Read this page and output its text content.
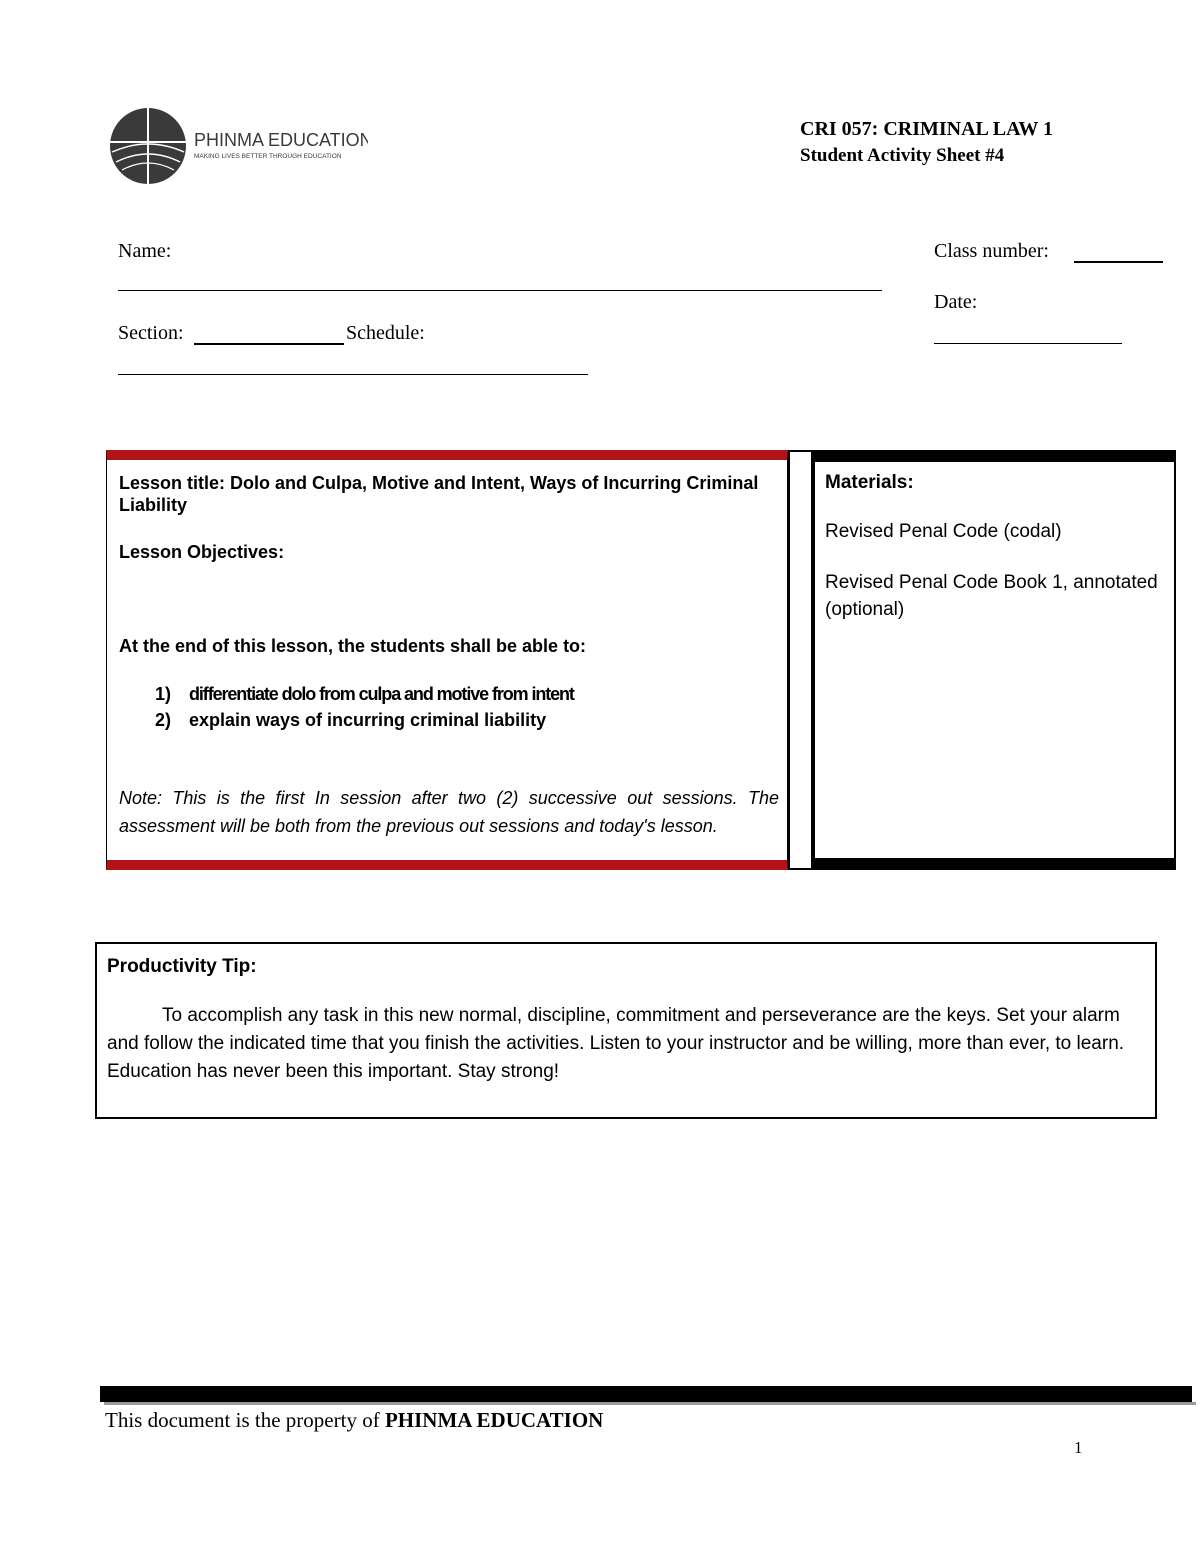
PHINMA EDUCATION
MAKING LIVES BETTER THROUGH EDUCATION
CRI 057: CRIMINAL LAW 1
Student Activity Sheet #4
Name:
Section:	Schedule:
Class number:
Date:

Lesson title: Dolo and Culpa, Motive and Intent, Ways of Incurring Criminal Liability

Lesson Objectives:
At the end of this lesson, the students shall be able to:
1) differentiate dolo from culpa and motive from intent
2) explain ways of incurring criminal liability
Note: This is the first In session after two (2) successive out sessions. The assessment will be both from the previous out sessions and today's lesson.
Materials:
Revised Penal Code (codal)
Revised Penal Code Book 1, annotated (optional)
Productivity Tip:
To accomplish any task in this new normal, discipline, commitment and perseverance are the keys. Set your alarm and follow the indicated time that you finish the activities. Listen to your instructor and be willing, more than ever, to learn. Education has never been this important. Stay strong!
This document is the property of PHINMA EDUCATION
1
